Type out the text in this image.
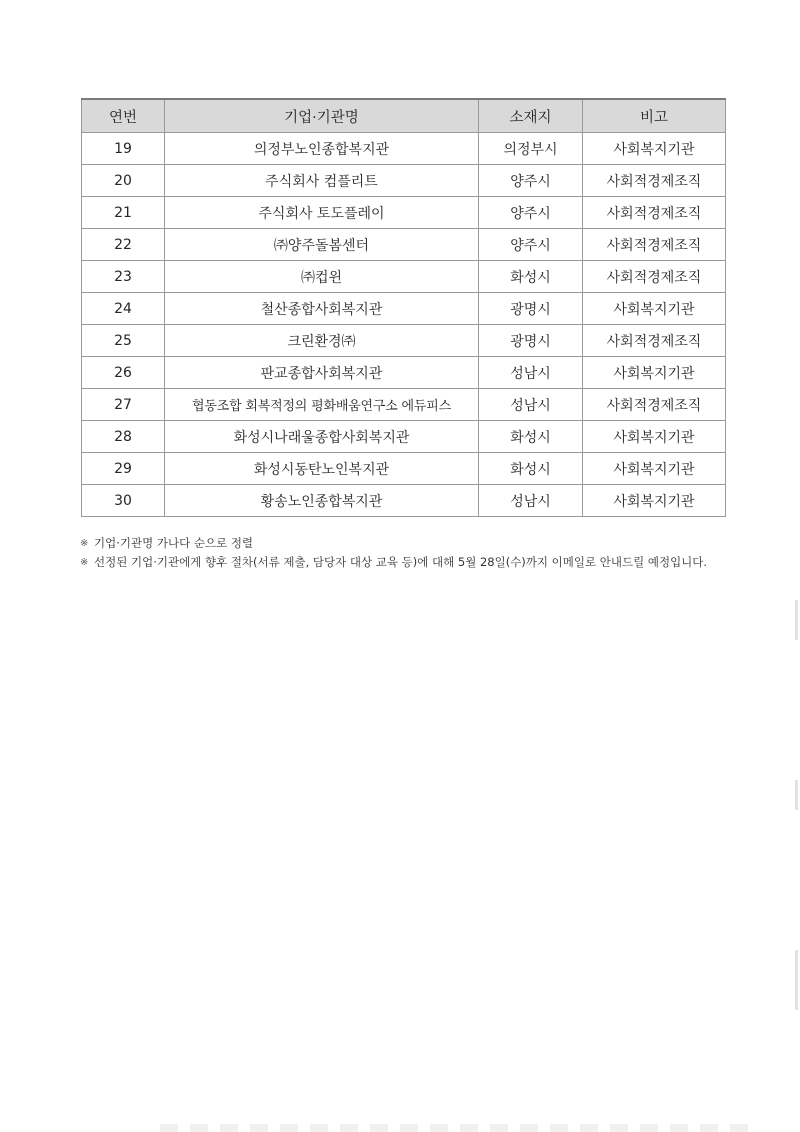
연번	기업·기관명	소재지	비고
19	의정부노인종합복지관	의정부시	사회복지기관
20	주식회사 컴플리트	양주시	사회적경제조직
21	주식회사 토도플레이	양주시	사회적경제조직
22	㈜양주돌봄센터	양주시	사회적경제조직
23	㈜컵윈	화성시	사회적경제조직
24	철산종합사회복지관	광명시	사회복지기관
25	크린환경㈜	광명시	사회적경제조직
26	판교종합사회복지관	성남시	사회복지기관
27	협동조합 회복적정의 평화배움연구소 에듀피스	성남시	사회적경제조직
28	화성시나래울종합사회복지관	화성시	사회복지기관
29	화성시동탄노인복지관	화성시	사회복지기관
30	황송노인종합복지관	성남시	사회복지기관
※ 기업·기관명 가나다 순으로 정렬
※ 선정된 기업·기관에게 향후 절차(서류 제출, 담당자 대상 교육 등)에 대해 5월 28일(수)까지 이메일로 안내드릴 예정입니다.
